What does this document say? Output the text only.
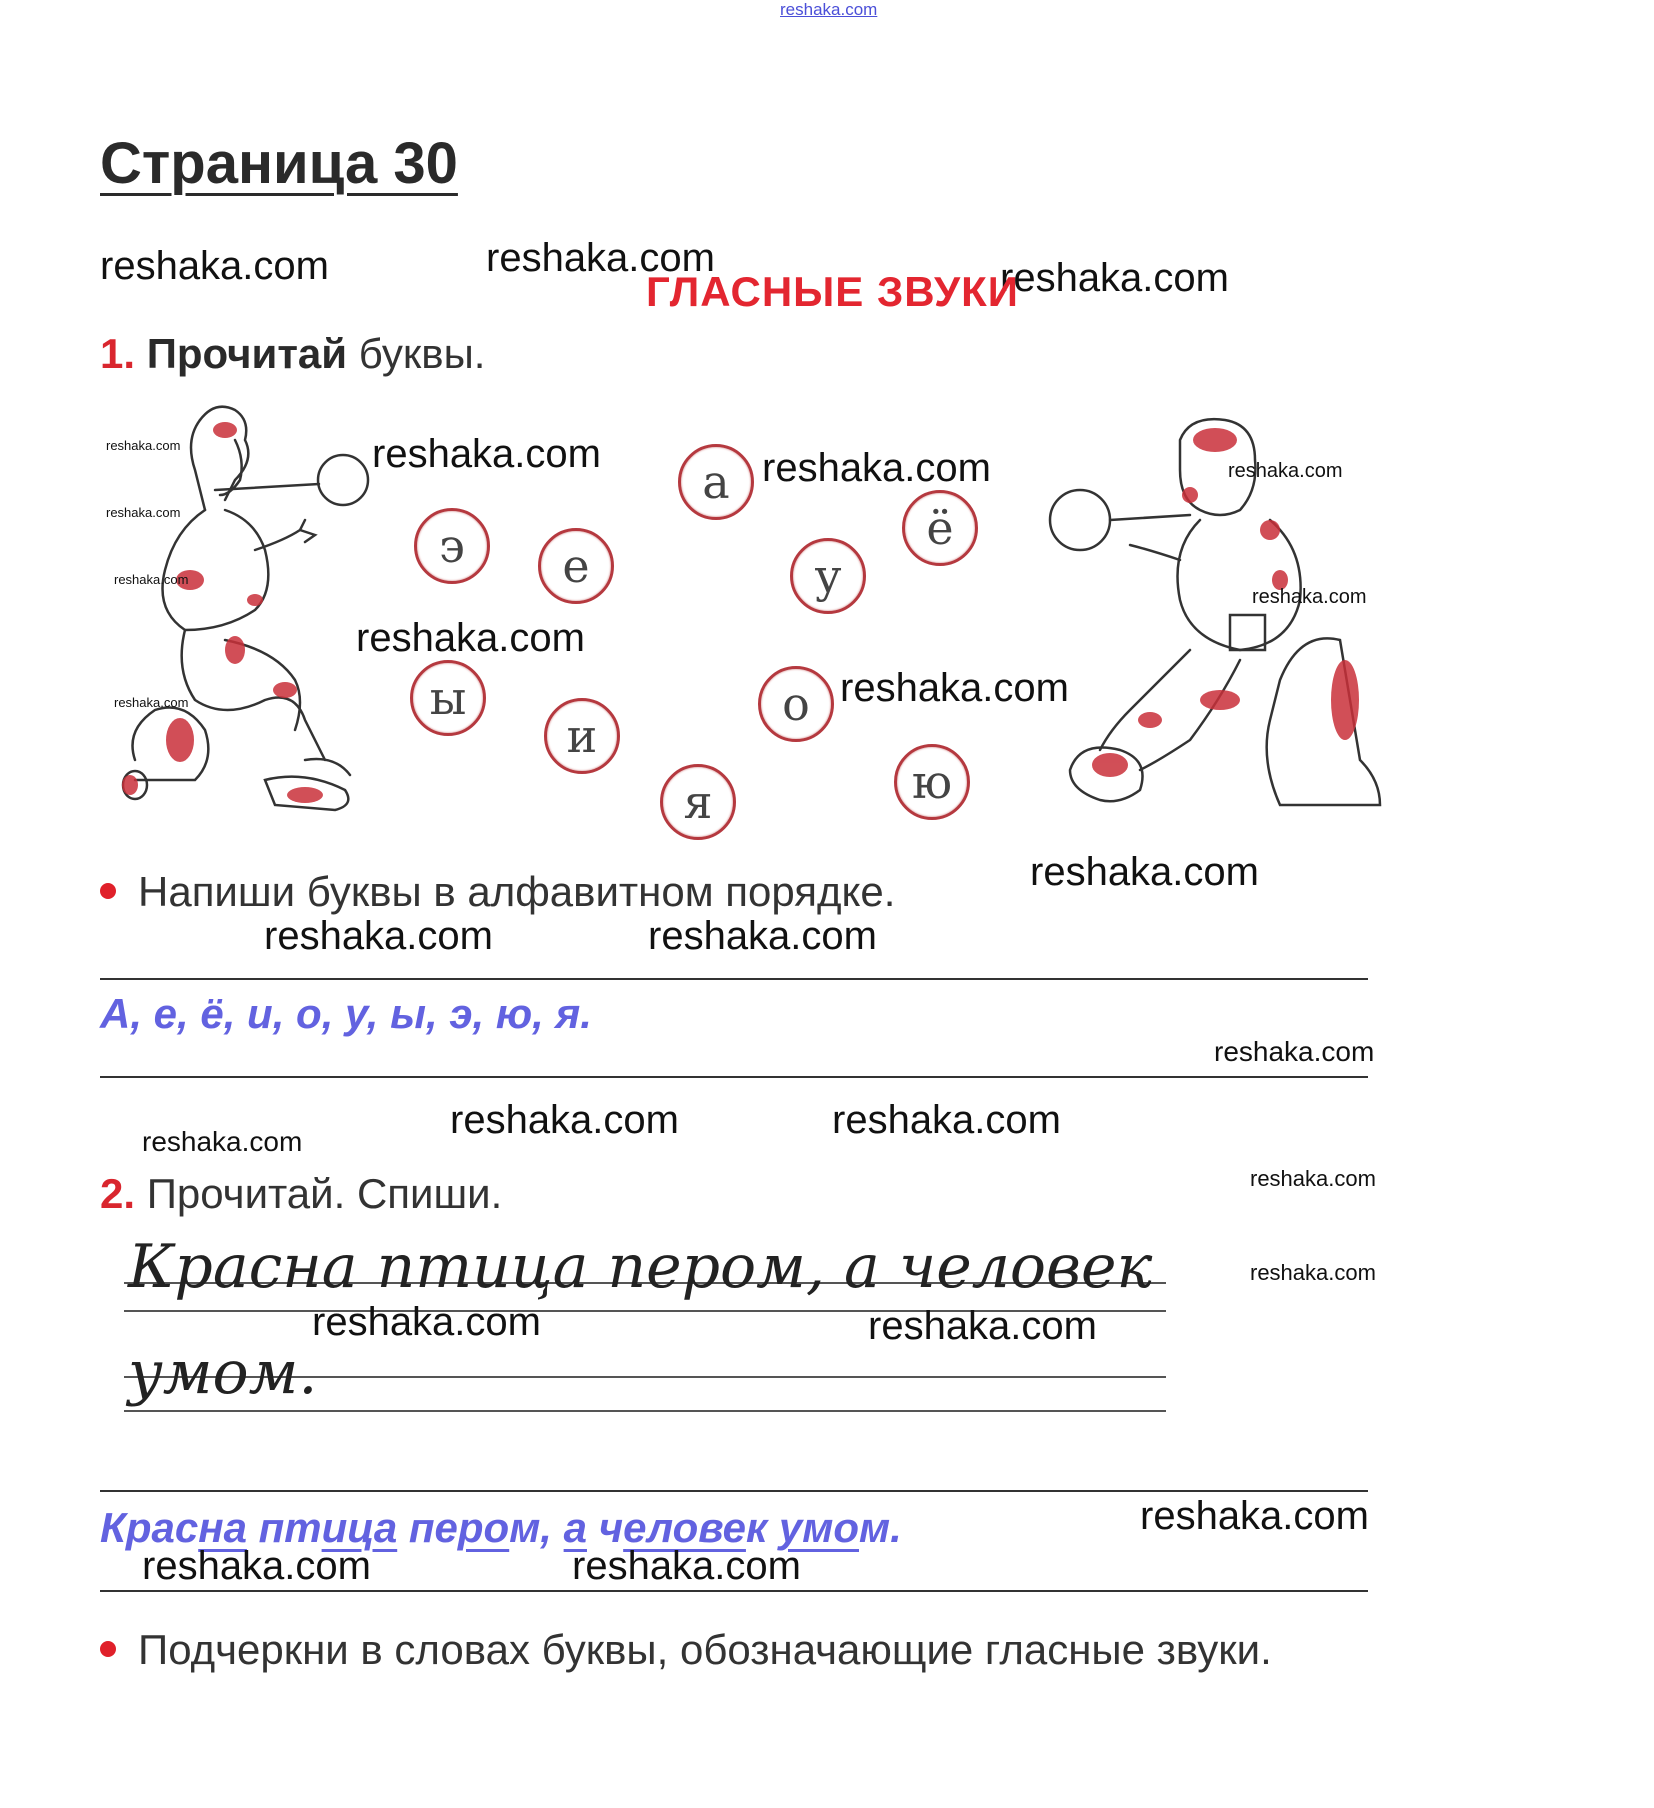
reshaka.com
Страница 30
reshaka.com	reshaka.com	reshaka.com
ГЛАСНЫЕ ЗВУКИ
1. Прочитай буквы.
reshaka.com
reshaka.com
reshaka.com
reshaka.com
reshaka.com	reshaka.com	reshaka.com
reshaka.com
reshaka.com
reshaka.com
reshaka.com
а
э	е	у
ё
ы
и
о
я	ю
Напиши буквы в алфавитном порядке.
reshaka.com	reshaka.com
А, е, ё, и, о, у, ы, э, ю, я.
reshaka.com
reshaka.com	reshaka.com	reshaka.com
reshaka.com
reshaka.com
2. Прочитай. Спиши.
Красна птица пером, а человек
умом.
reshaka.com	reshaka.com
reshaka.com
Красна птица пером, а человек умом.
reshaka.com	reshaka.com
Подчеркни в словах буквы, обозначающие гласные звуки.
